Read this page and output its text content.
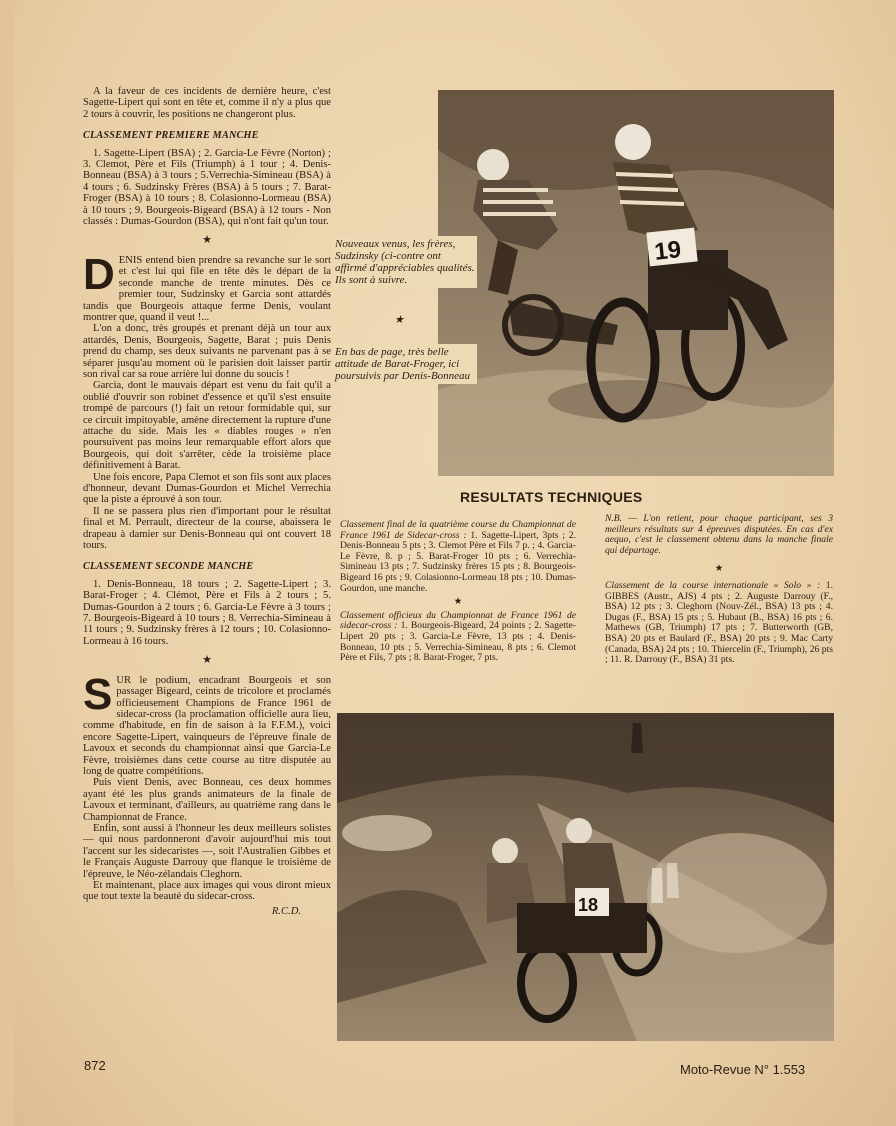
A la faveur de ces incidents de dernière heure, c'est Sagette-Lipert qui sont en tête et, comme il n'y a plus que 2 tours à couvrir, les positions ne changeront plus.

CLASSEMENT PREMIERE MANCHE

1. Sagette-Lipert (BSA) ; 2. Garcia-Le Fèvre (Norton) ; 3. Clemot, Père et Fils (Triumph) à 1 tour ; 4. Denis-Bonneau (BSA) à 3 tours ; 5.Verrechia-Simineau (BSA) à 4 tours ; 6. Sudzinsky Frères (BSA) à 5 tours ; 7. Barat-Froger (BSA) à 10 tours ; 8. Colasionno-Lormeau (BSA) à 10 tours ; 9. Bourgeois-Bigeard (BSA) à 12 tours - Non classés : Dumas-Gourdon (BSA), qui n'ont fait qu'un tour.

★

DENIS entend bien prendre sa revanche sur le sort et c'est lui qui file en tête dès le départ de la seconde manche de trente minutes. Dès ce premier tour, Sudzinsky et Garcia sont attardés tandis que Bourgeois attaque ferme Denis, voulant montrer que, quand il veut !...

L'on a donc, très groupés et prenant déjà un tour aux attardés, Denis, Bourgeois, Sagette, Barat ; puis Denis prend du champ, ses deux suivants ne parvenant pas à se séparer jusqu'au moment où le parisien doit laisser partir son rival car sa roue arrière lui donne du soucis !

Garcia, dont le mauvais départ est venu du fait qu'il a oublié d'ouvrir son robinet d'essence et qu'il s'est ensuite trompé de parcours (!) fait un retour formidable qui, sur ce circuit impitoyable, amène directement la rupture d'une attache du side. Mais les « diables rouges » n'en poursuivent pas moins leur remarquable effort alors que Bourgeois, qui doit s'arrêter, cède la troisième place définitivement à Barat.

Une fois encore, Papa Clemot et son fils sont aux places d'honneur, devant Dumas-Gourdon et Michel Verrechia que la piste a éprouvé à son tour.

Il ne se passera plus rien d'important pour le résultat final et M. Perrault, directeur de la course, abaissera le drapeau à damier sur Denis-Bonneau qui ont couvert 18 tours.

CLASSEMENT SECONDE MANCHE

1. Denis-Bonneau, 18 tours ; 2. Sagette-Lipert ; 3. Barat-Froger ; 4. Clémot, Père et Fils à 2 tours ; 5. Dumas-Gourdon à 2 tours ; 6. Garcia-Le Fèvre à 3 tours ; 7. Bourgeois-Bigeard à 10 tours ; 8. Verrechia-Simineau à 11 tours ; 9. Sudzinsky frères à 12 tours ; 10. Colasionno-Lormeau à 16 tours.

★

SUR le podium, encadrant Bourgeois et son passager Bigeard, ceints de tricolore et proclamés officieusement Champions de France 1961 de sidecar-cross (la proclamation officielle aura lieu, comme d'habitude, en fin de saison à la F.F.M.), voici encore Sagette-Lipert, vainqueurs de l'épreuve finale de Lavoux et seconds du championnat ainsi que Garcia-Le Fèvre, troisièmes dans cette course au titre disputée au long de quatre compétitions.

Puis vient Denis, avec Bonneau, ces deux hommes ayant été les plus grands animateurs de la finale de Lavoux et terminant, d'ailleurs, au quatrième rang dans le Championnat de France.

Enfin, sont aussi à l'honneur les deux meilleurs solistes — qui nous pardonneront d'avoir aujourd'hui mis tout l'accent sur les sidecaristes —, soit l'Australien Gibbes et le Français Auguste Darrouy que flanque le troisième de l'épreuve, le Néo-zélandais Cleghorn.

Et maintenant, place aux images qui vous diront mieux que tout texte la beauté du sidecar-cross.

R.C.D.
19
Nouveaux venus, les frères, Sudzinsky (ci-contre ont affirmé d'appréciables qualités. Ils sont à suivre.
★
En bas de page, très belle attitude de Barat-Froger, ici poursuivis par Denis-Bonneau
RESULTATS TECHNIQUES

Classement final de la quatrième course du Championnat de France 1961 de Sidecar-cross : 1. Sagette-Lipert, 3pts ; 2. Denis-Bonneau 5 pts ; 3. Clemot Père et Fils 7 p. ; 4. Garcia-Le Fèvre, 8. p ; 5. Barat-Froger 10 pts ; 6. Verrechia-Simineau 13 pts ; 7. Sudzinsky frères 15 pts ; 8. Bourgeois-Bigeard 16 pts ; 9. Colasionno-Lormeau 18 pts ; 10. Dumas-Gourdon, une manche.

★

Classement officieux du Championnat de France 1961 de sidecar-cross : 1. Bourgeois-Bigeard, 24 points ; 2. Sagette-Lipert 20 pts ; 3. Garcia-Le Fèvre, 13 pts ; 4. Denis-Bonneau, 10 pts ; 5. Verrechia-Simineau, 8 pts ; 6. Clemot Père et Fils, 7 pts ; 8. Barat-Froger, 7 pts.

N.B. — L'on retient, pour chaque participant, ses 3 meilleurs résultats sur 4 épreuves disputées. En cas d'ex aequo, c'est le classement obtenu dans la manche finale qui départage.

★

Classement de la course internationale « Solo » : 1. GIBBES (Austr., AJS) 4 pts ; 2. Auguste Darrouy (F., BSA) 12 pts ; 3. Cleghorn (Nouv-Zél., BSA) 13 pts ; 4. Dugas (F., BSA) 15 pts ; 5. Hubaut (B., BSA) 16 pts ; 6. Mathews (GB, Triumph) 17 pts ; 7. Butterworth (GB, BSA) 20 pts et Baulard (F., BSA) 20 pts ; 9. Mac Carty (Canada, BSA) 24 pts ; 10. Thiercelin (F., Triumph), 26 pts ; 11. R. Darrouy (F., BSA) 31 pts.

18
872	Moto-Revue N° 1.553
